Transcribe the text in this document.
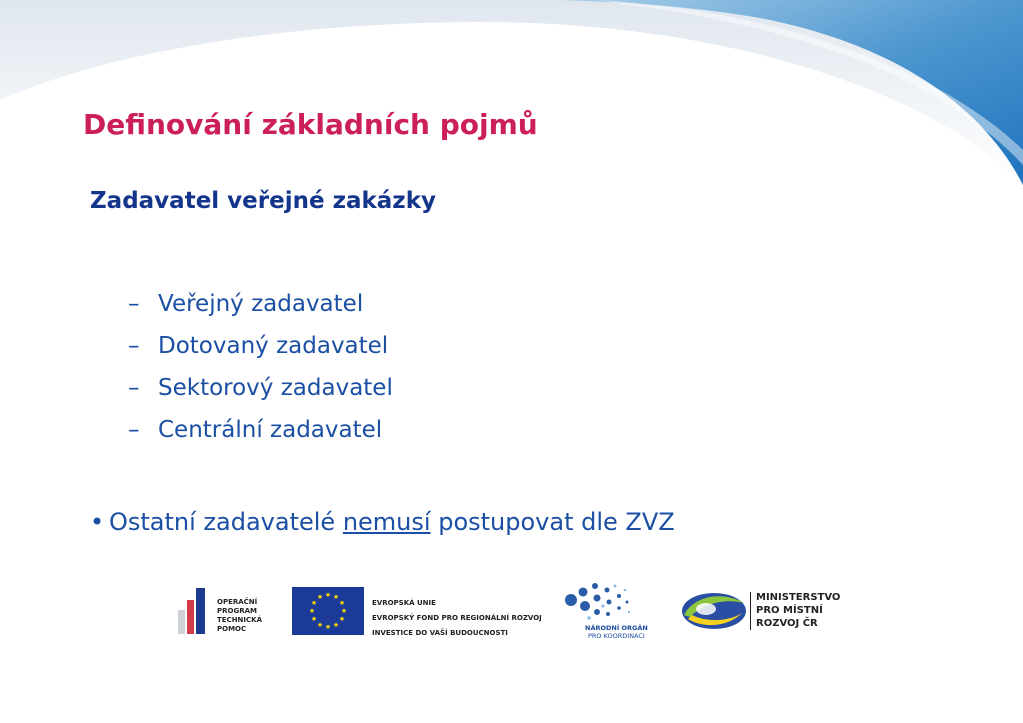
Definování základních pojmů
Zadavatel veřejné zakázky
– Veřejný zadavatel
– Dotovaný zadavatel
– Sektorový zadavatel
– Centrální zadavatel

• Ostatní zadavatelé nemusí postupovat dle ZVZ

OPERAČNÍ
PROGRAM
TECHNICKÁ
POMOC
★ ★
★
★
★
★
★
★
★
★
★
★
EVROPSKÁ UNIE
EVROPSKÝ FOND PRO REGIONÁLNÍ ROZVOJ
INVESTICE DO VAŠÍ BUDOUCNOSTI
NÁRODNÍ ORGÁN
PRO KOORDINACI
MINISTERSTVO
PRO MÍSTNÍ
ROZVOJ ČR
